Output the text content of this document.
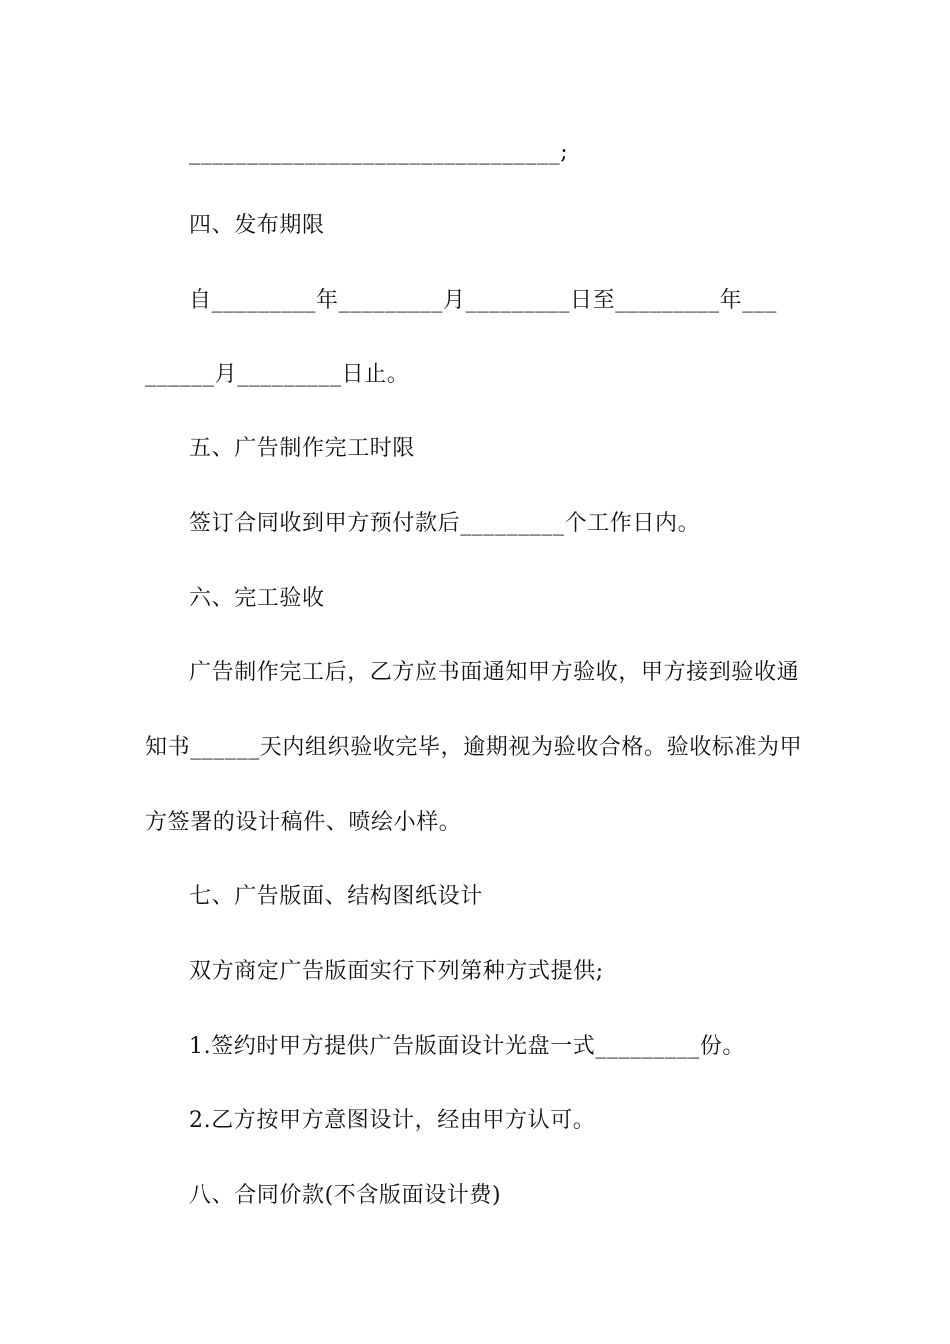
________________________________;
四、发布期限
自_________年_________月_________日至_________年___
______月_________日止。
五、广告制作完工时限
签订合同收到甲方预付款后_________个工作日内。
六、完工验收
广告制作完工后，乙方应书面通知甲方验收，甲方接到验收通
知书______天内组织验收完毕，逾期视为验收合格。验收标准为甲
方签署的设计稿件、喷绘小样。
七、广告版面、结构图纸设计
双方商定广告版面实行下列第种方式提供;
1.签约时甲方提供广告版面设计光盘一式_________份。
2.乙方按甲方意图设计，经由甲方认可。
八、合同价款(不含版面设计费)
